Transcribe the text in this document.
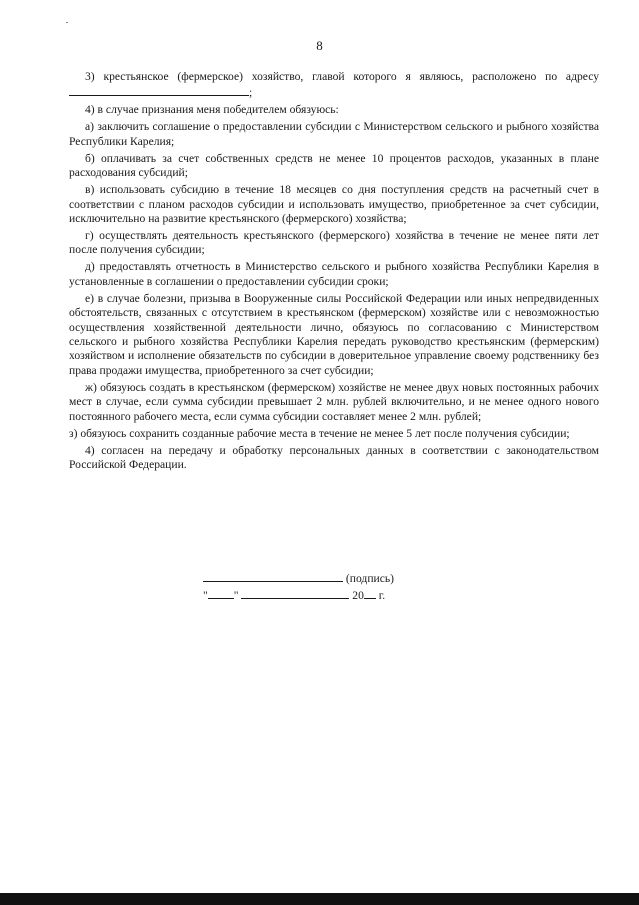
8

3) крестьянское (фермерское) хозяйство, главой которого я являюсь, расположено по адресу ;

4) в случае признания меня победителем обязуюсь:

а) заключить соглашение о предоставлении субсидии с Министерством сельского и рыбного хозяйства Республики Карелия;

б) оплачивать за счет собственных средств не менее 10 процентов расходов, указанных в плане расходования субсидий;

в) использовать субсидию в течение 18 месяцев со дня поступления средств на расчетный счет в соответствии с планом расходов субсидии и использовать имущество, приобретенное за счет субсидии, исключительно на развитие крестьянского (фермерского) хозяйства;

г) осуществлять деятельность крестьянского (фермерского) хозяйства в течение не менее пяти лет после получения субсидии;

д) предоставлять отчетность в Министерство сельского и рыбного хозяйства Республики Карелия в установленные в соглашении о предоставлении субсидии сроки;

е) в случае болезни, призыва в Вооруженные силы Российской Федерации или иных непредвиденных обстоятельств, связанных с отсутствием в крестьянском (фермерском) хозяйстве или с невозможностью осуществления хозяйственной деятельности лично, обязуюсь по согласованию с Министерством сельского и рыбного хозяйства Республики Карелия передать руководство крестьянским (фермерским) хозяйством и исполнение обязательств по субсидии в доверительное управление своему родственнику без права продажи имущества, приобретенного за счет субсидии;

ж) обязуюсь создать в крестьянском (фермерском) хозяйстве не менее двух новых постоянных рабочих мест в случае, если сумма субсидии превышает 2 млн. рублей включительно, и не менее одного нового постоянного рабочего места, если сумма субсидии составляет менее 2 млн. рублей;

з) обязуюсь сохранить созданные рабочие места в течение не менее 5 лет после получения субсидии;

4) согласен на передачу и обработку персональных данных в соответствии с законодательством Российской Федерации.

(подпись)
" "	20 г.
